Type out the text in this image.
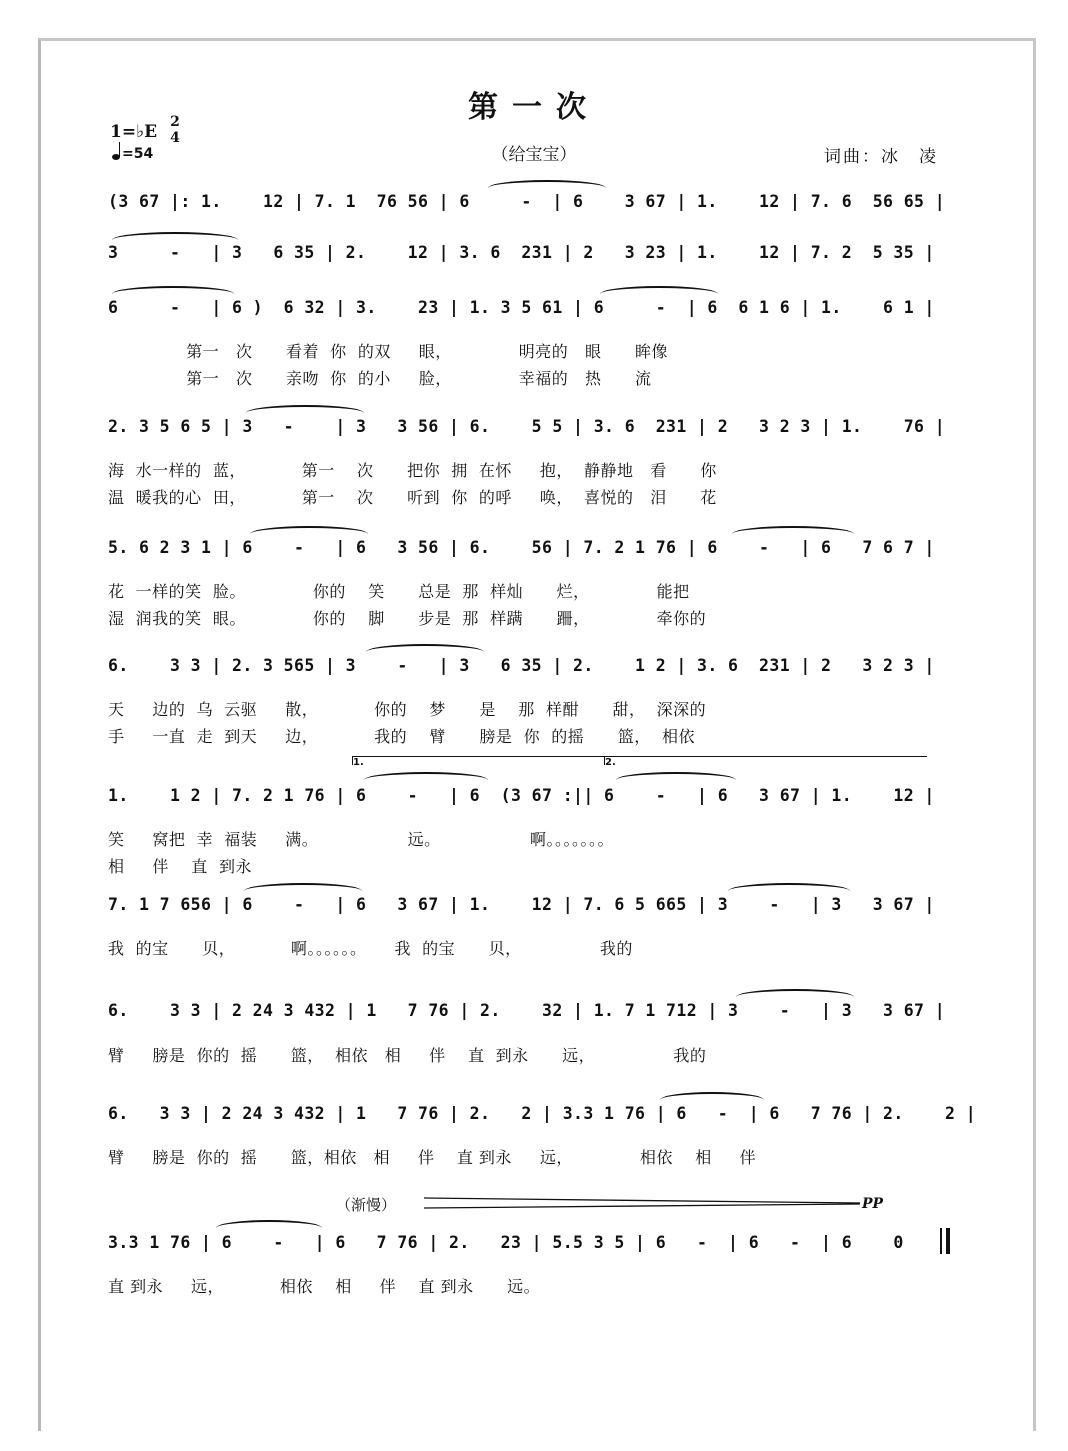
第一次
（给宝宝）	词曲：冰　凌
1=♭E 2
4
=54
(3 67 |: 1.    12 | 7. 1  76 56 | 6     -  | 6    3 67 | 1.    12 | 7. 6  56 65 |
3     -   | 3   6 35 | 2.    12 | 3. 6  231 | 2   3 23 | 1.    12 | 7. 2  5 35 |
6     -   | 6 )  6 32 | 3.    23 | 1. 3 5 61 | 6     -  | 6  6 1 6 | 1.    6 1 |
第一   次      看着  你  的双     眼，            明亮的   眼      眸像
第一   次      亲吻  你  的小     脸，            幸福的   热      流
2. 3 5 6 5 | 3   -    | 3   3 56 | 6.    5 5 | 3. 6  231 | 2   3 2 3 | 1.    76 |
海  水一样的  蓝，          第一    次      把你  拥  在怀     抱，  静静地   看      你
温  暖我的心  田，          第一    次      听到  你  的呼     唤，  喜悦的   泪      花
5. 6 2 3 1 | 6    -   | 6   3 56 | 6.    56 | 7. 2 1 76 | 6    -   | 6   7 6 7 |
花  一样的笑  脸。            你的    笑      总是  那  样灿      烂，            能把
湿  润我的笑  眼。            你的    脚      步是  那  样蹒      跚，            牵你的
6.    3 3 | 2. 3 565 | 3    -   | 3   6 35 | 2.    1 2 | 3. 6  231 | 2   3 2 3 |
天     边的  乌  云驱     散，          你的    梦      是    那  样酣      甜，  深深的
手     一直  走  到天     边，          我的    臂      膀是  你  的摇      篮，  相依
1.	2.
1.    1 2 | 7. 2 1 76 | 6    -   | 6  (3 67 :|| 6    -   | 6   3 67 | 1.    12 |
笑     窝把  幸  福装     满。                远。                啊。。。。。。。
相     伴    直  到永
7. 1 7 656 | 6    -   | 6   3 67 | 1.    12 | 7. 6 5 665 | 3    -   | 3   3 67 |
我  的宝      贝，          啊。。。。。。     我  的宝      贝，              我的
6.    3 3 | 2 24 3 432 | 1   7 76 | 2.    32 | 1. 7 1 712 | 3    -   | 3   3 67 |
臂     膀是  你的  摇      篮，  相依   相     伴    直  到永      远，              我的
6.   3 3 | 2 24 3 432 | 1   7 76 | 2.   2 | 3.3 1 76 | 6   -  | 6   7 76 | 2.    2 |
臂     膀是  你的  摇      篮，相依   相     伴    直 到永     远，            相依    相     伴
（渐慢）	PP
3.3 1 76 | 6    -   | 6   7 76 | 2.   23 | 5.5 3 5 | 6   -  | 6   -  | 6    0
直 到永     远，          相依    相     伴    直 到永      远。
